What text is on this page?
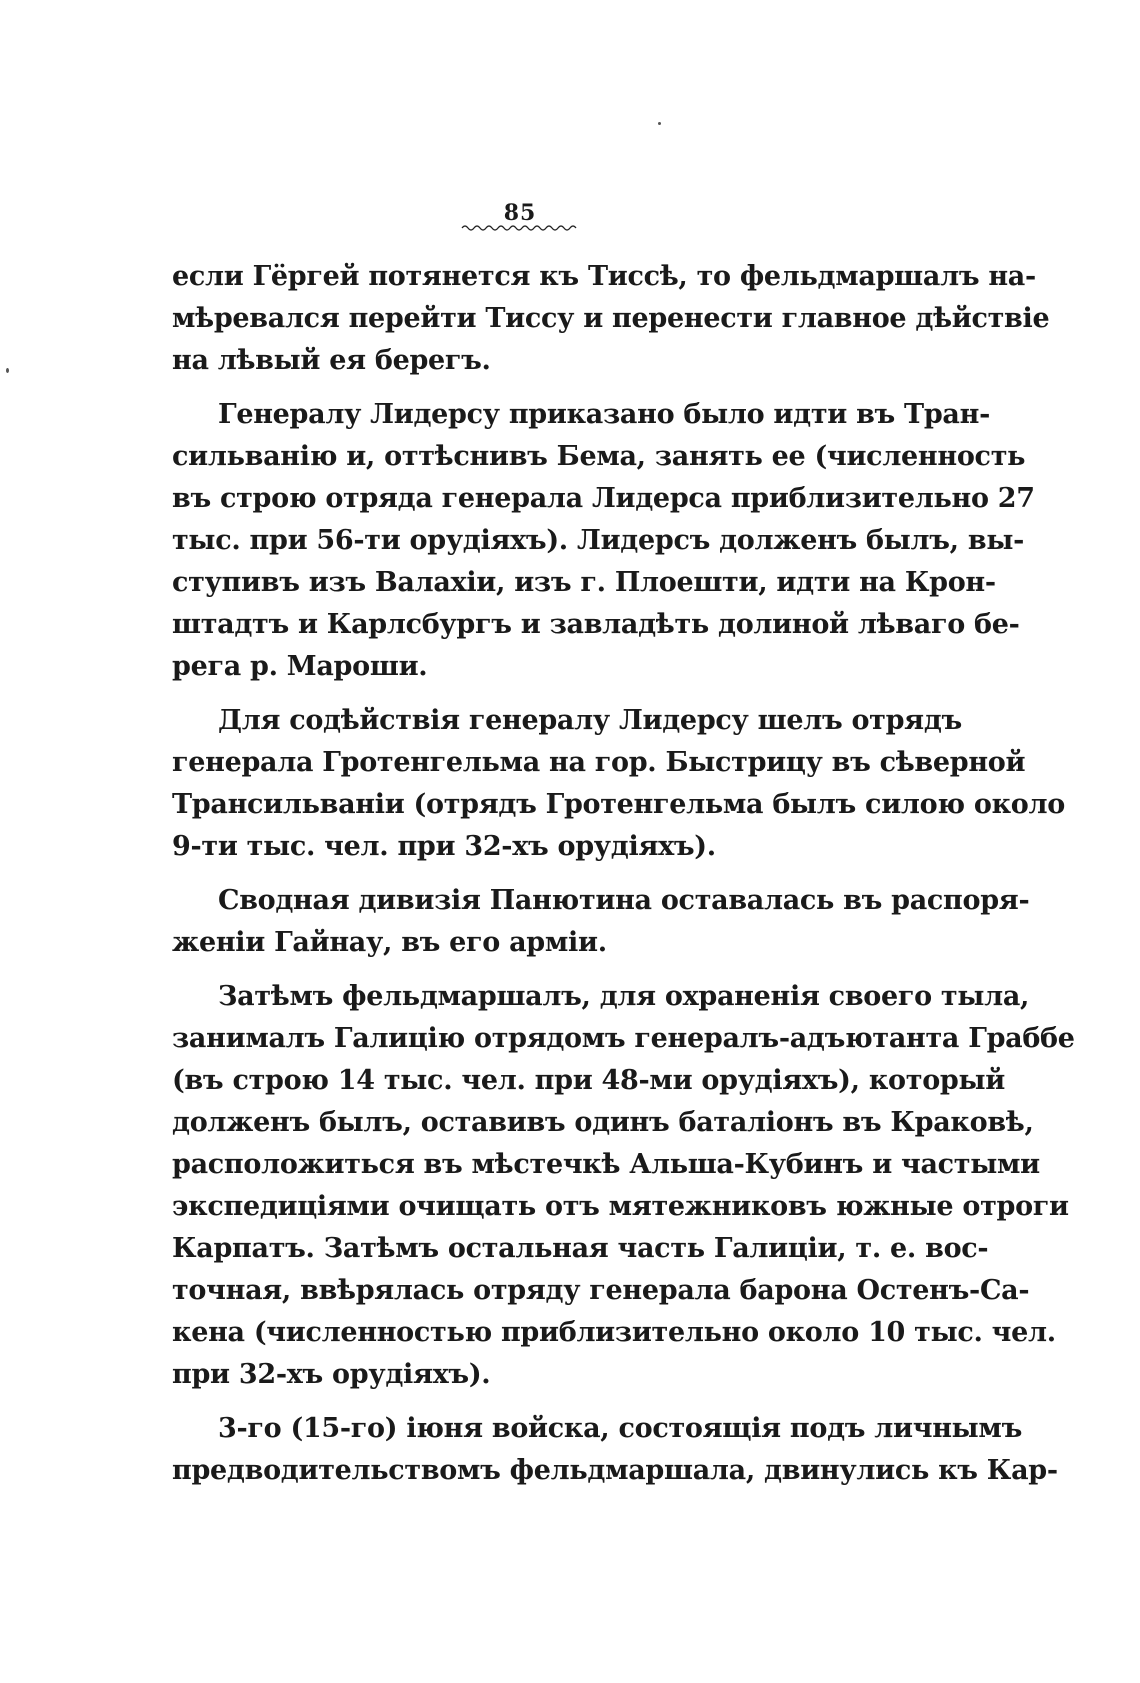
85
если Гёргей потянется къ Тиссѣ, то фельдмаршалъ на-
мѣревался перейти Тиссу и перенести главное дѣйствіе
на лѣвый ея берегъ.
Генералу Лидерсу приказано было идти въ Тран-
сильванію и, оттѣснивъ Бема, занять ее (численность
въ строю отряда генерала Лидерса приблизительно 27
тыс. при 56-ти орудіяхъ). Лидерсъ долженъ былъ, вы-
ступивъ изъ Валахіи, изъ г. Плоешти, идти на Крон-
штадтъ и Карлсбургъ и завладѣть долиной лѣваго бе-
рега р. Мароши.
Для содѣйствія генералу Лидерсу шелъ отрядъ
генерала Гротенгельма на гор. Быстрицу въ сѣверной
Трансильваніи (отрядъ Гротенгельма былъ силою около
9-ти тыс. чел. при 32-хъ орудіяхъ).
Сводная дивизія Панютина оставалась въ распоря-
женіи Гайнау, въ его арміи.
Затѣмъ фельдмаршалъ, для охраненія своего тыла,
занималъ Галицію отрядомъ генералъ-адъютанта Граббе
(въ строю 14 тыс. чел. при 48-ми орудіяхъ), который
долженъ былъ, оставивъ одинъ баталіонъ въ Краковѣ,
расположиться въ мѣстечкѣ Альша-Кубинъ и частыми
экспедиціями очищать отъ мятежниковъ южные отроги
Карпатъ. Затѣмъ остальная часть Галиціи, т. е. вос-
точная, ввѣрялась отряду генерала барона Остенъ-Са-
кена (численностью приблизительно около 10 тыс. чел.
при 32-хъ орудіяхъ).
3-го (15-го) іюня войска, состоящія подъ личнымъ
предводительствомъ фельдмаршала, двинулись къ Кар-
